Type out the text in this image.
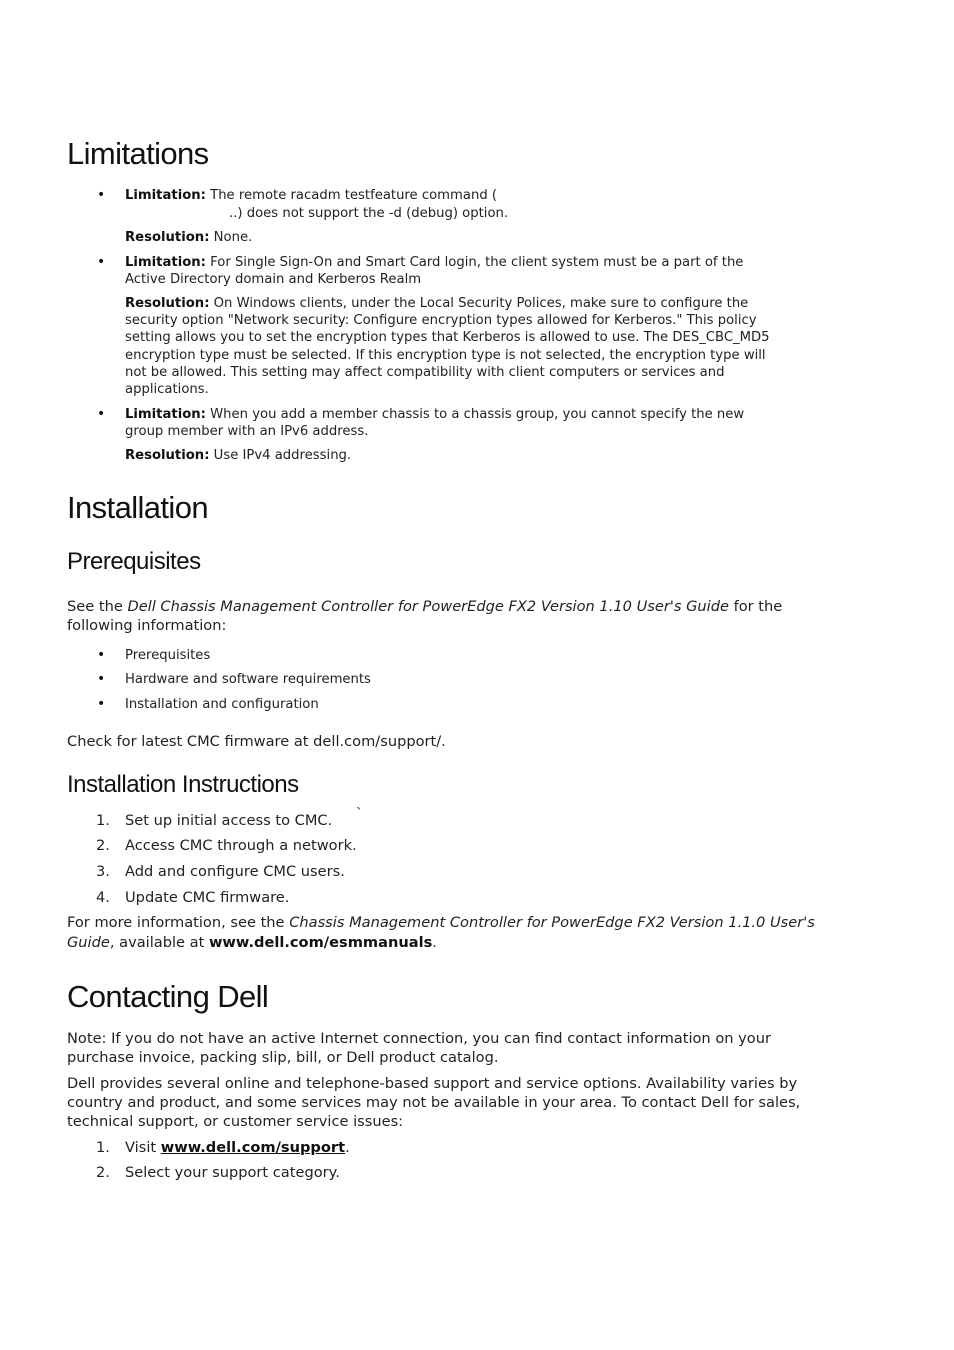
Limitations
• Limitation: The remote racadm testfeature command (
..) does not support the -d (debug) option.
Resolution: None.
• Limitation: For Single Sign-On and Smart Card login, the client system must be a part of the
Active Directory domain and Kerberos Realm
Resolution: On Windows clients, under the Local Security Polices, make sure to configure the
security option "Network security: Configure encryption types allowed for Kerberos." This policy
setting allows you to set the encryption types that Kerberos is allowed to use. The DES_CBC_MD5
encryption type must be selected. If this encryption type is not selected, the encryption type will
not be allowed. This setting may affect compatibility with client computers or services and
applications.
• Limitation: When you add a member chassis to a chassis group, you cannot specify the new
group member with an IPv6 address.
Resolution: Use IPv4 addressing.
Installation
Prerequisites
See the Dell Chassis Management Controller for PowerEdge FX2 Version 1.10 User's Guide for the
following information:
• Prerequisites
• Hardware and software requirements
• Installation and configuration
Check for latest CMC firmware at dell.com/support/.
Installation Instructions
1.	Set up initial access to CMC.	`
2.	Access CMC through a network.
3.	Add and configure CMC users.
4.	Update CMC firmware.
For more information, see the Chassis Management Controller for PowerEdge FX2 Version 1.1.0 User's
Guide, available at www.dell.com/esmmanuals.
Contacting Dell
Note: If you do not have an active Internet connection, you can find contact information on your
purchase invoice, packing slip, bill, or Dell product catalog.
Dell provides several online and telephone-based support and service options. Availability varies by
country and product, and some services may not be available in your area. To contact Dell for sales,
technical support, or customer service issues:
1.	Visit www.dell.com/support.
2.	Select your support category.
